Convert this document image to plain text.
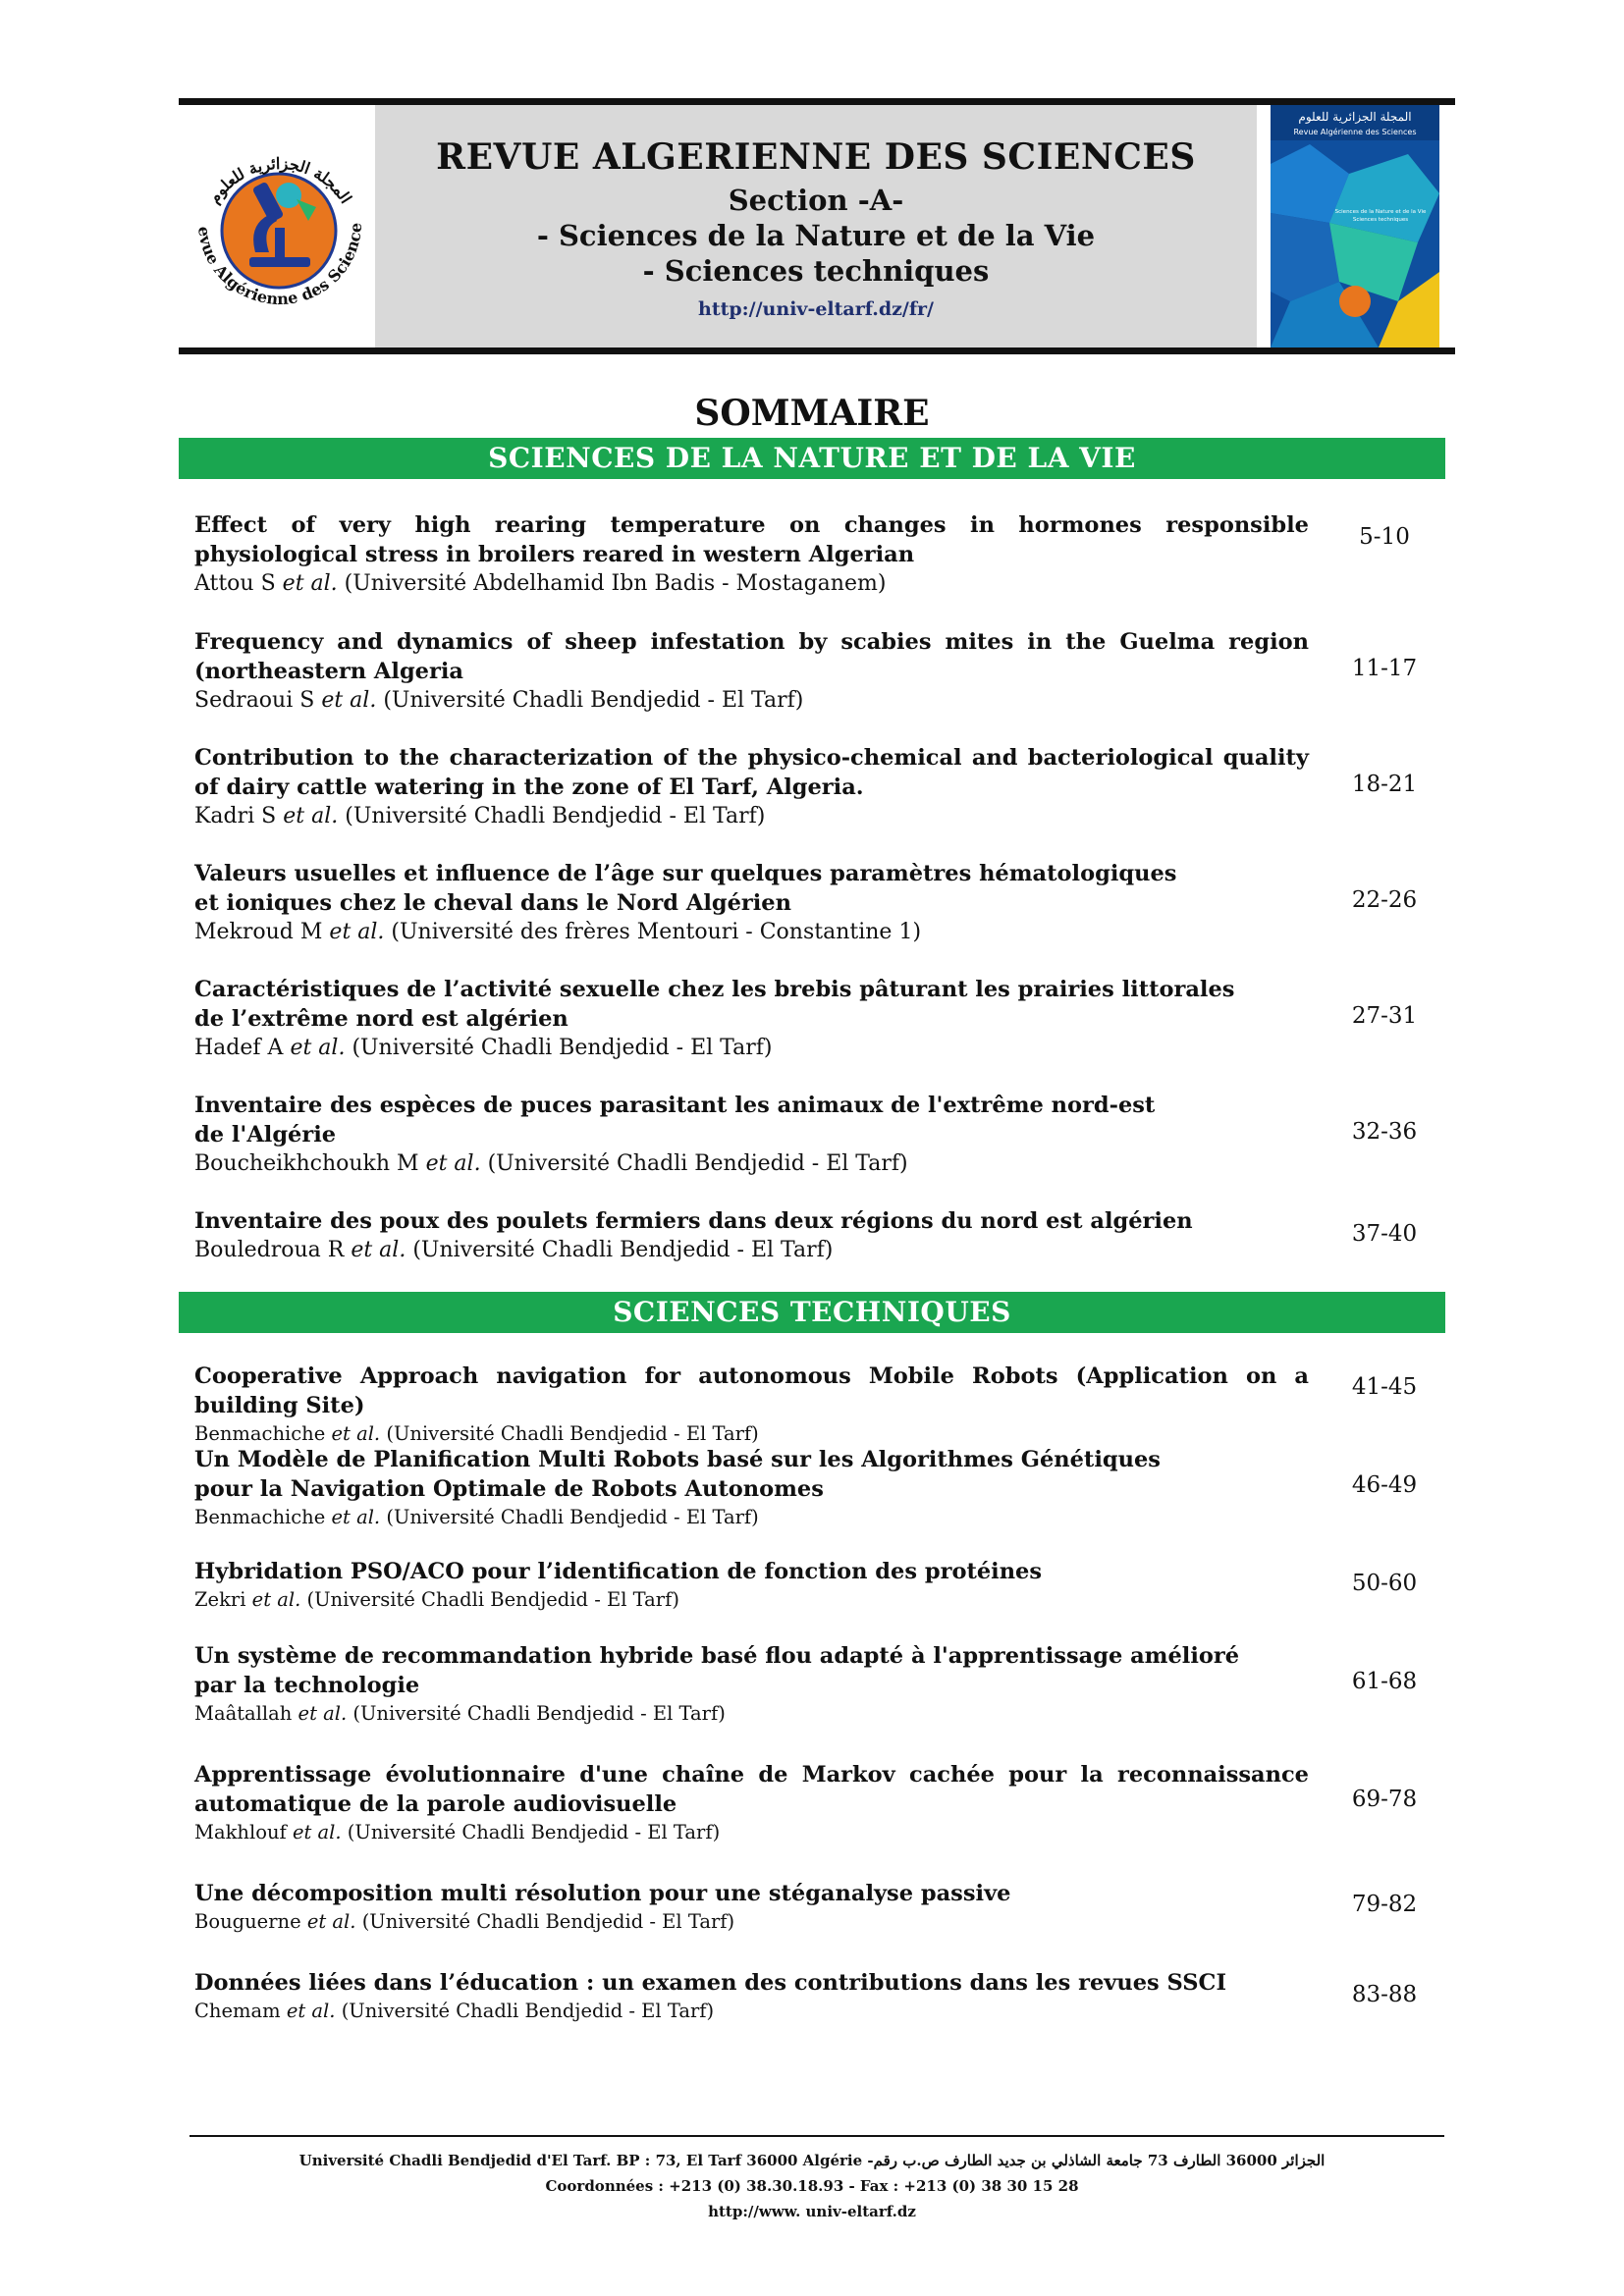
المجلة الجزائرية للعلوم
evue Algérienne des Science
REVUE ALGERIENNE DES SCIENCES
Section -A-
- Sciences de la Nature et de la Vie
- Sciences techniques
http://univ-eltarf.dz/fr/
المجلة الجزائرية للعلوم
Revue Algérienne des Sciences
Sciences de la Nature et de la Vie
Sciences techniques
SOMMAIRE
SCIENCES DE LA NATURE ET DE LA VIE
Effect of very high rearing temperature on changes in hormones responsible physiological stress in broilers reared in western Algerian
Attou S et al. (Université Abdelhamid Ibn Badis - Mostaganem)
5-10
Frequency and dynamics of sheep infestation by scabies mites in the Guelma region (northeastern Algeria
Sedraoui S et al. (Université Chadli Bendjedid - El Tarf)
11-17
Contribution to the characterization of the physico-chemical and bacteriological quality of dairy cattle watering in the zone of El Tarf, Algeria.
Kadri S et al. (Université Chadli Bendjedid - El Tarf)
18-21
Valeurs usuelles et influence de l’âge sur quelques paramètres hématologiques
et ioniques chez le cheval dans le Nord Algérien
Mekroud M et al. (Université des frères Mentouri - Constantine 1)
22-26
Caractéristiques de l’activité sexuelle chez les brebis pâturant les prairies littorales
de l’extrême nord est algérien
Hadef A et al. (Université Chadli Bendjedid - El Tarf)
27-31
Inventaire des espèces de puces parasitant les animaux de l'extrême nord-est
de l'Algérie
Boucheikhchoukh M et al. (Université Chadli Bendjedid - El Tarf)
32-36
Inventaire des poux des poulets fermiers dans deux régions du nord est algérien
Bouledroua R et al. (Université Chadli Bendjedid - El Tarf)
37-40
SCIENCES TECHNIQUES
Cooperative Approach navigation for autonomous Mobile Robots (Application on a building Site)
Benmachiche et al. (Université Chadli Bendjedid - El Tarf)
41-45
Un Modèle de Planification Multi Robots basé sur les Algorithmes Génétiques
pour la Navigation Optimale de Robots Autonomes
Benmachiche et al. (Université Chadli Bendjedid - El Tarf)
46-49
Hybridation PSO/ACO pour l’identification de fonction des protéines
Zekri et al. (Université Chadli Bendjedid - El Tarf)
50-60
Un système de recommandation hybride basé flou adapté à l'apprentissage amélioré
par la technologie
Maâtallah et al. (Université Chadli Bendjedid - El Tarf)
61-68
Apprentissage évolutionnaire d'une chaîne de Markov cachée pour la reconnaissance automatique de la parole audiovisuelle
Makhlouf et al. (Université Chadli Bendjedid - El Tarf)
69-78
Une décomposition multi résolution pour une stéganalyse passive
Bouguerne et al. (Université Chadli Bendjedid - El Tarf)
79-82
Données liées dans l’éducation : un examen des contributions dans les revues SSCI
Chemam et al. (Université Chadli Bendjedid - El Tarf)
83-88
Université Chadli Bendjedid d'El Tarf. BP : 73, El Tarf 36000 Algérie -الجزائر 36000 الطارف 73 جامعة الشاذلي بن جديد الطارف ص.ب رقم
Coordonnées : +213 (0) 38.30.18.93 - Fax : +213 (0) 38 30 15 28
http://www. univ-eltarf.dz
